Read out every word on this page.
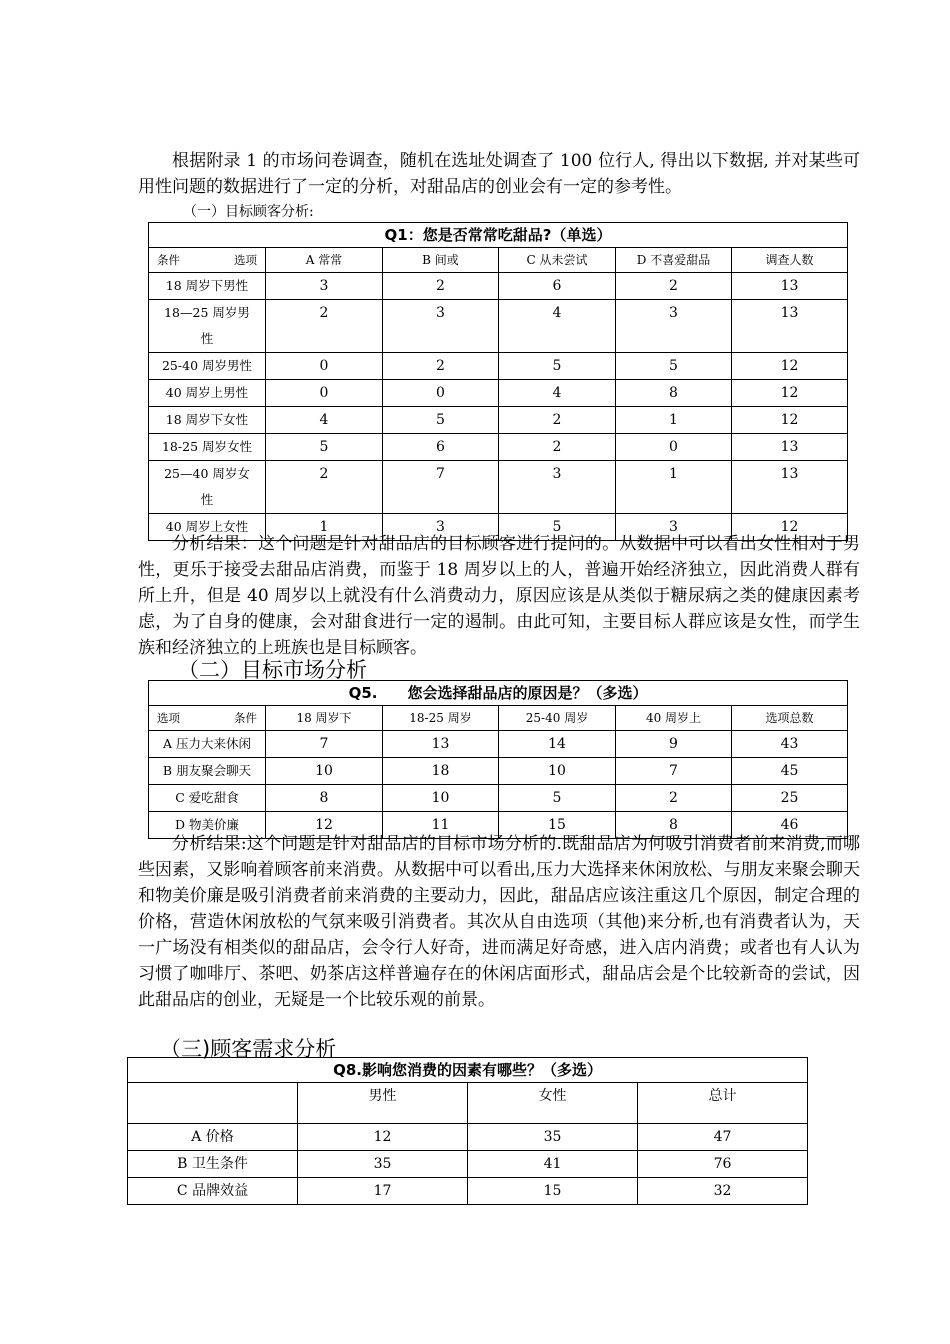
根据附录 1 的市场问卷调查，随机在选址处调查了 100 位行人, 得出以下数据, 并对某些可用性问题的数据进行了一定的分析，对甜品店的创业会有一定的参考性。

（一）目标顾客分析:
Q1：您是否常常吃甜品?（单选）					

条件 选项	A 常常	B 间或	C 从未尝试	D 不喜爱甜品	调查人数
18 周岁下男性	3	2	6	2	13
18—25 周岁男性	2	3	4	3	13
25-40 周岁男性	0	2	5	5	12
40 周岁上男性	0	0	4	8	12
18 周岁下女性	4	5	2	1	12
18-25 周岁女性	5	6	2	0	13
25—40 周岁女性	2	7	3	1	13
40 周岁上女性	1	3	5	3	12

分析结果：这个问题是针对甜品店的目标顾客进行提问的。从数据中可以看出女性相对于男性，更乐于接受去甜品店消费，而鉴于 18 周岁以上的人，普遍开始经济独立，因此消费人群有所上升，但是 40 周岁以上就没有什么消费动力，原因应该是从类似于糖尿病之类的健康因素考虑，为了自身的健康，会对甜食进行一定的遏制。由此可知，主要目标人群应该是女性，而学生族和经济独立的上班族也是目标顾客。

（二）目标市场分析
Q5.　　您会选择甜品店的原因是？（多选）					

选项 条件	18 周岁下	18-25 周岁	25-40 周岁	40 周岁上	选项总数
A 压力大来休闲	7	13	14	9	43
B 朋友聚会聊天	10	18	10	7	45
C 爱吃甜食	8	10	5	2	25
D 物美价廉	12	11	15	8	46

分析结果:这个问题是针对甜品店的目标市场分析的.既甜品店为何吸引消费者前来消费,而哪些因素，又影响着顾客前来消费。从数据中可以看出,压力大选择来休闲放松、与朋友来聚会聊天和物美价廉是吸引消费者前来消费的主要动力，因此，甜品店应该注重这几个原因，制定合理的价格，营造休闲放松的气氛来吸引消费者。其次从自由选项（其他)来分析,也有消费者认为，天一广场没有相类似的甜品店，会令行人好奇，进而满足好奇感，进入店内消费；或者也有人认为习惯了咖啡厅、茶吧、奶茶店这样普遍存在的休闲店面形式，甜品店会是个比较新奇的尝试，因此甜品店的创业，无疑是一个比较乐观的前景。

（三)顾客需求分析
Q8.影响您消费的因素有哪些？（多选）			
	男性	女性	总计
A 价格	12	35	47
B 卫生条件	35	41	76
C 品牌效益	17	15	32
